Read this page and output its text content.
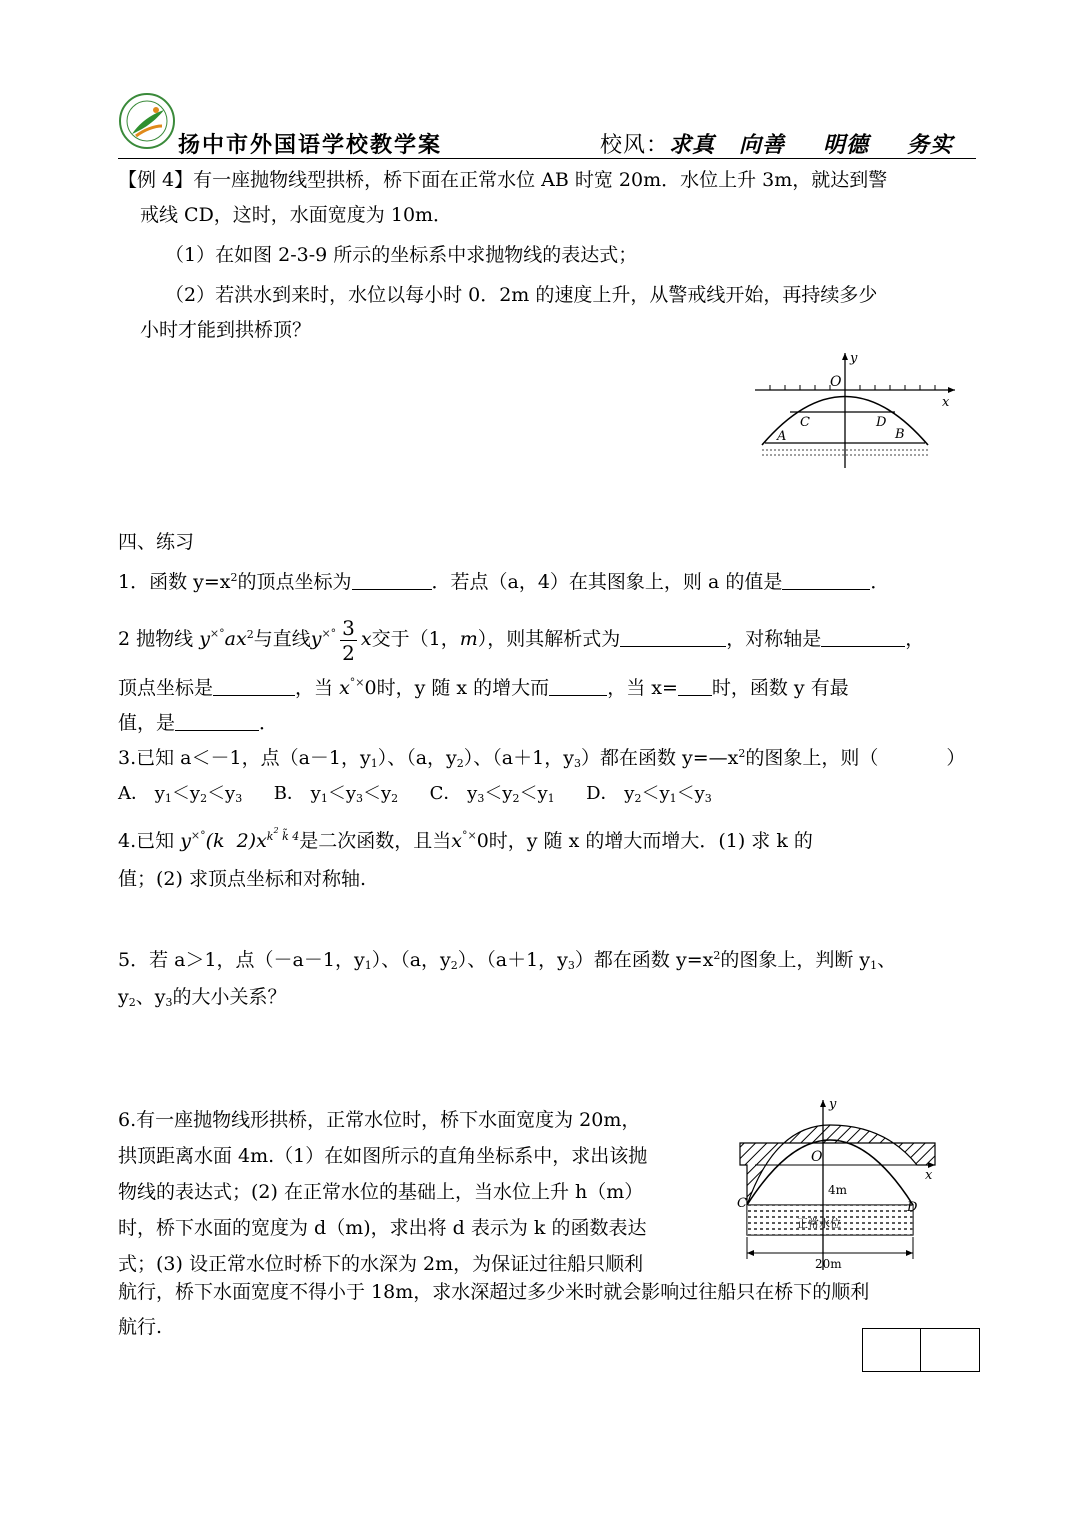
扬中市外国语学校教学案	校风：求真 向善 明德 务实
【例 4】有一座抛物线型拱桥，桥下面在正常水位 AB 时宽 20m．水位上升 3m，就达到警
戒线 CD，这时，水面宽度为 10m．
（1）在如图 2-3-9 所示的坐标系中求抛物线的表达式；
（2）若洪水到来时，水位以每小时 0．2m 的速度上升，从警戒线开始，再持续多少
小时才能到拱桥顶？
y
O
x
A	B
C	D
四、练习
1．函数 $y=x^2$的顶点坐标为	．若点（a，4）在其图象上，则 a 的值是	．
2 抛物线 $y^{\times^\circ}ax^2$与直线$y^{\times^\circ} \frac{3}{2}$ x交于（1，m），则其解析式为	，对称轴是	，
顶点坐标是	，当 x°×0时，y 随 x 的增大而	，当 x= 时，函数 y 有最
值，是	．
3.已知 a＜－1，点（a－1，$y_1$）、（a，$y_2$）、（a＋1，$y_3$）都在函数 $y=—x^2$的图象上，则（	）
A． $y_1<y_2<y_3$ B． $y_1<y_3<y_2$ C． $y_3<y_2<y_1$ D． $y_2<y_1<y_3$
4.已知 y×°(k $2)x^{k^2 k̃ 4}$是二次函数，且当x°×0时，y 随 x 的增大而增大．(1) 求 k 的
值；(2) 求顶点坐标和对称轴.
5．若 a＞1，点（－a－1，$y_1$）、（a，$y_2$）、（a＋1，$y_3$）都在函数 $y=x^2$的图象上，判断 $y_1$、
$y_2$、$y_3$的大小关系？
6.有一座抛物线形拱桥，正常水位时，桥下水面宽度为 20m，
拱顶距离水面 4m.（1）在如图所示的直角坐标系中，求出该抛
物线的表达式；(2) 在正常水位的基础上，当水位上升 h（m）
时，桥下水面的宽度为 d（m)，求出将 d 表示为 k 的函数表达
式；(3) 设正常水位时桥下的水深为 2m，为保证过往船只顺利
航行，桥下水面宽度不得小于 18m，求水深超过多少米时就会影响过往船只在桥下的顺利
航行.
y
O
x
C	D
4m
正常水位
20m
